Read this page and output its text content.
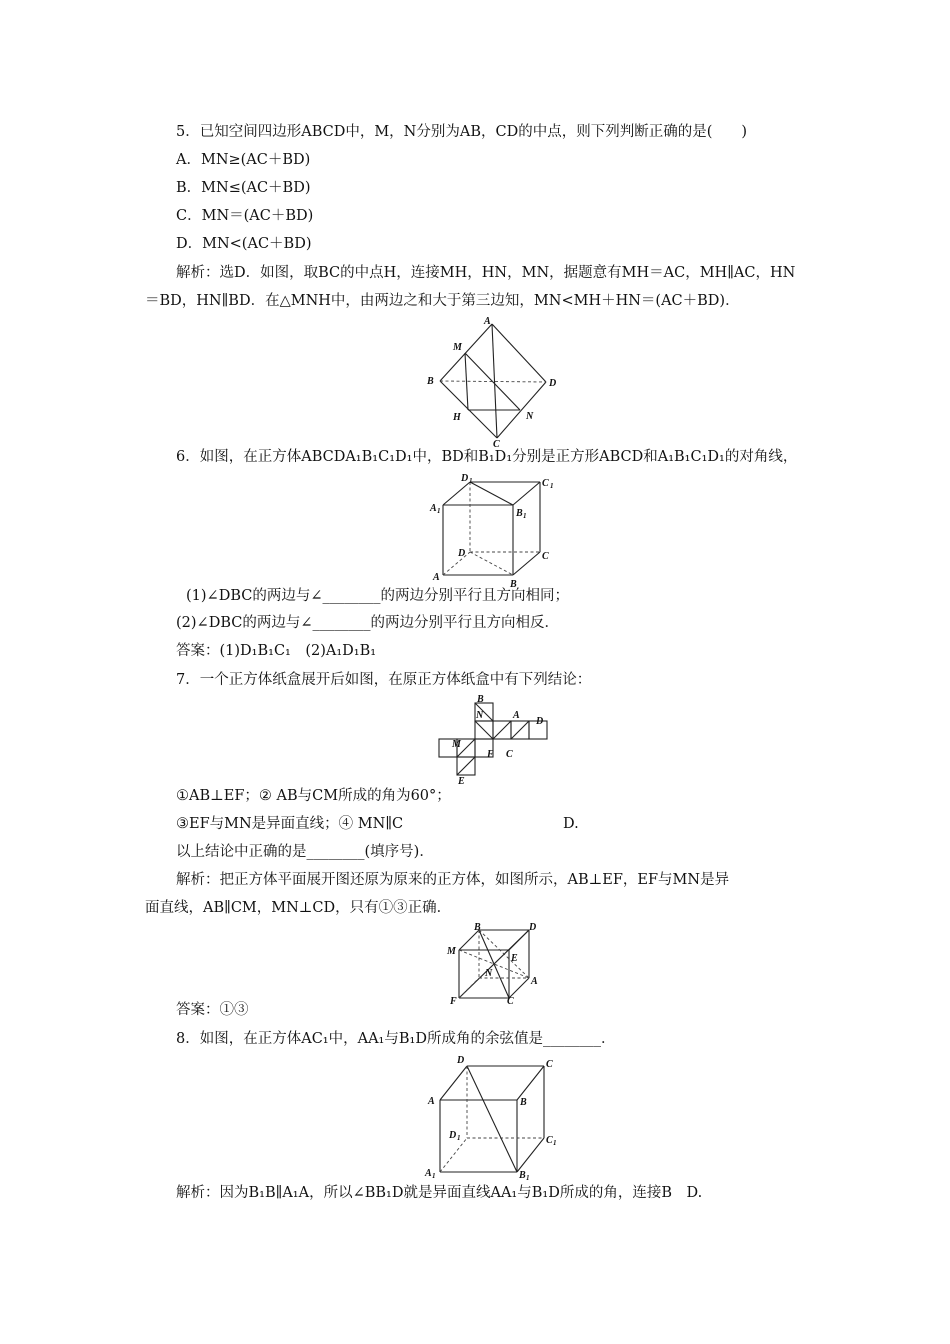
5．已知空间四边形ABCD中，M，N分别为AB，CD的中点，则下列判断正确的是(　　)
A．MN≥(AC＋BD)
B．MN≤(AC＋BD)
C．MN＝(AC＋BD)
D．MN<(AC＋BD)
解析：选D．如图，取BC的中点H，连接MH，HN，MN，据题意有MH＝AC，MH∥AC，HN
＝BD，HN∥BD．在△MNH中，由两边之和大于第三边知，MN<MH＋HN＝(AC＋BD)．
A
M
B	D
H	N
C
6．如图，在正方体ABCDA₁B₁C₁D₁中，BD和B₁D₁分别是正方形ABCD和A₁B₁C₁D₁的对角线，
D 1	C 1
A 1	B 1
D	C
A
B
(1)∠DBC的两边与∠________的两边分别平行且方向相同；
(2)∠DBC的两边与∠________的两边分别平行且方向相反．
答案：(1)D₁B₁C₁　(2)A₁D₁B₁
7．一个正方体纸盒展开后如图，在原正方体纸盒中有下列结论：
B
N	A
D
M
F C
E
①AB⊥EF；② AB与CM所成的角为60°；
③EF与MN是异面直线；④ MN∥C	D.
以上结论中正确的是________(填序号)．
解析：把正方体平面展开图还原为原来的正方体，如图所示，AB⊥EF，EF与MN是异
面直线，AB∥CM，MN⊥CD，只有①③正确．
B	D
M
E
N
A
F	C
答案：①③
8．如图，在正方体AC₁中，AA₁与B₁D所成角的余弦值是________．
D	C
A	B
D 1	C 1
A 1	B 1
解析：因为B₁B∥A₁A，所以∠BB₁D就是异面直线AA₁与B₁D所成的角，连接B　D.
